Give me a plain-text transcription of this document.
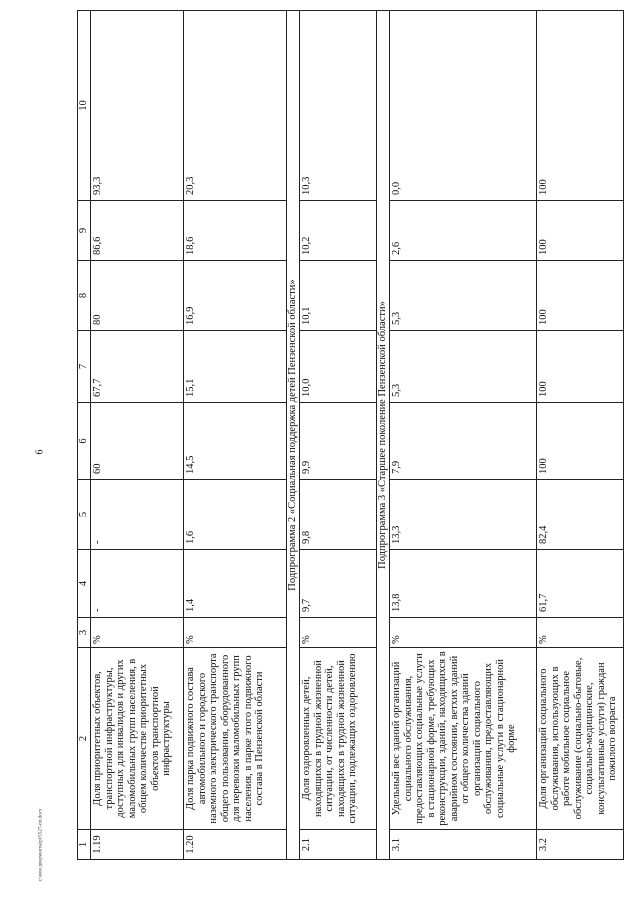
6
1	2	3	4	5	6	7	8	9	10
1.19	Доля приоритетных объектов, транспортной инфраструктуры, доступных для инвалидов и других маломобильных групп населения, в общем количестве приоритетных объектов транспортной инфраструктуры	%	-	-	60	67,7	80	86,6	93,3
1.20	Доля парка подвижного состава автомобильного и городского наземного электрического транспорта общего пользования, оборудованного для перевозки маломобильных групп населения, в парке этого подвижного состава в Пензенской области	%	1,4	1,6	14,5	15,1	16,9	18,6	20,3
Подпрограмма 2 «Социальная поддержка детей Пензенской области»									
2.1	Доля оздоровленных детей, находящихся в трудной жизненной ситуации, от численности детей, находящихся в трудной жизненной ситуации, подлежащих оздоровлению	%	9,7	9,8	9,9	10,0	10,1	10,2	10,3
Подпрограмма 3 «Старшее поколение Пензенской области»									
3.1	Удельный вес зданий организаций социального обслуживания, предоставляющих социальные услуги в стационарной форме, требующих реконструкции, зданий, находящихся в аварийном состоянии, ветхих зданий от общего количества зданий организаций социального обслуживания, предоставляющих социальные услуги в стационарной форме	%	13,8	13,3	7,9	5,3	5,3	2,6	0,0
3.2	Доля организаций социального обслуживания, использующих в работе мобильное социальное обслуживание (социально-бытовые, социально-медицинские, консультативные услуги) граждан пожилого возраста	%	61,7	82,4	100	100	100	100	100
c:\мои документы\pt\5527-пп.docx
